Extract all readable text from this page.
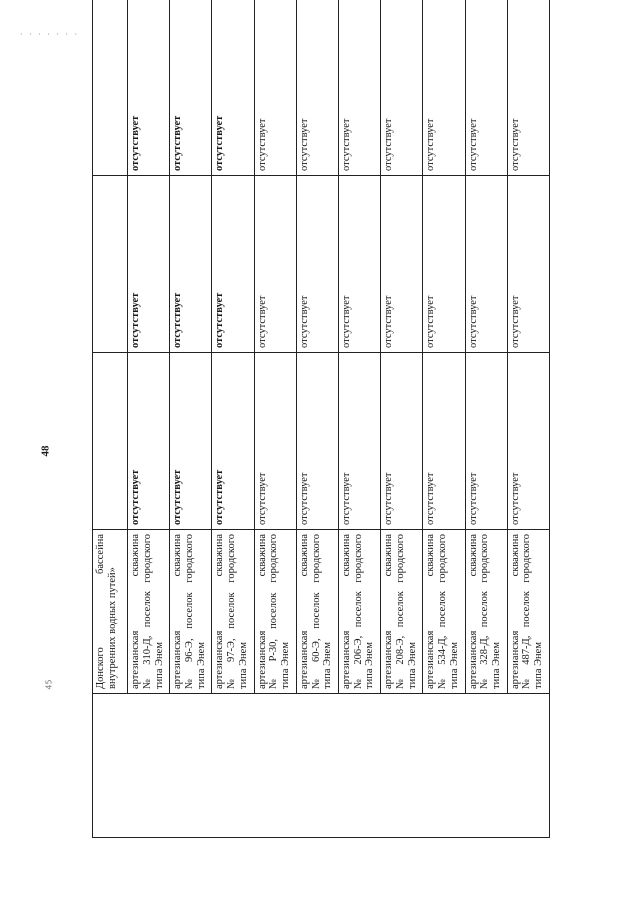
· · · · · · ·
48
45

	Донского бассейна внутренних водных путей»			

	артезианская скважина № 310-Д, поселок городского типа Энем	отсутствует	отсутствует	отсутствует

	артезианская скважина № 96-Э, поселок городского типа Энем	отсутствует	отсутствует	отсутствует

	артезианская скважина № 97-Э, поселок городского типа Энем	отсутствует	отсутствует	отсутствует

	артезианская скважина № Р-30, поселок городского типа Энем	отсутствует	отсутствует	отсутствует

	артезианская скважина № 60-Э, поселок городского типа Энем	отсутствует	отсутствует	отсутствует

	артезианская скважина № 206-Э, поселок городского типа Энем	отсутствует	отсутствует	отсутствует

	артезианская скважина № 208-Э, поселок городского типа Энем	отсутствует	отсутствует	отсутствует

	артезианская скважина № 534-Д, поселок городского типа Энем	отсутствует	отсутствует	отсутствует

	артезианская скважина № 328-Д, поселок городского типа Энем	отсутствует	отсутствует	отсутствует

	артезианская скважина № 487-Д, поселок городского типа Энем	отсутствует	отсутствует	отсутствует
